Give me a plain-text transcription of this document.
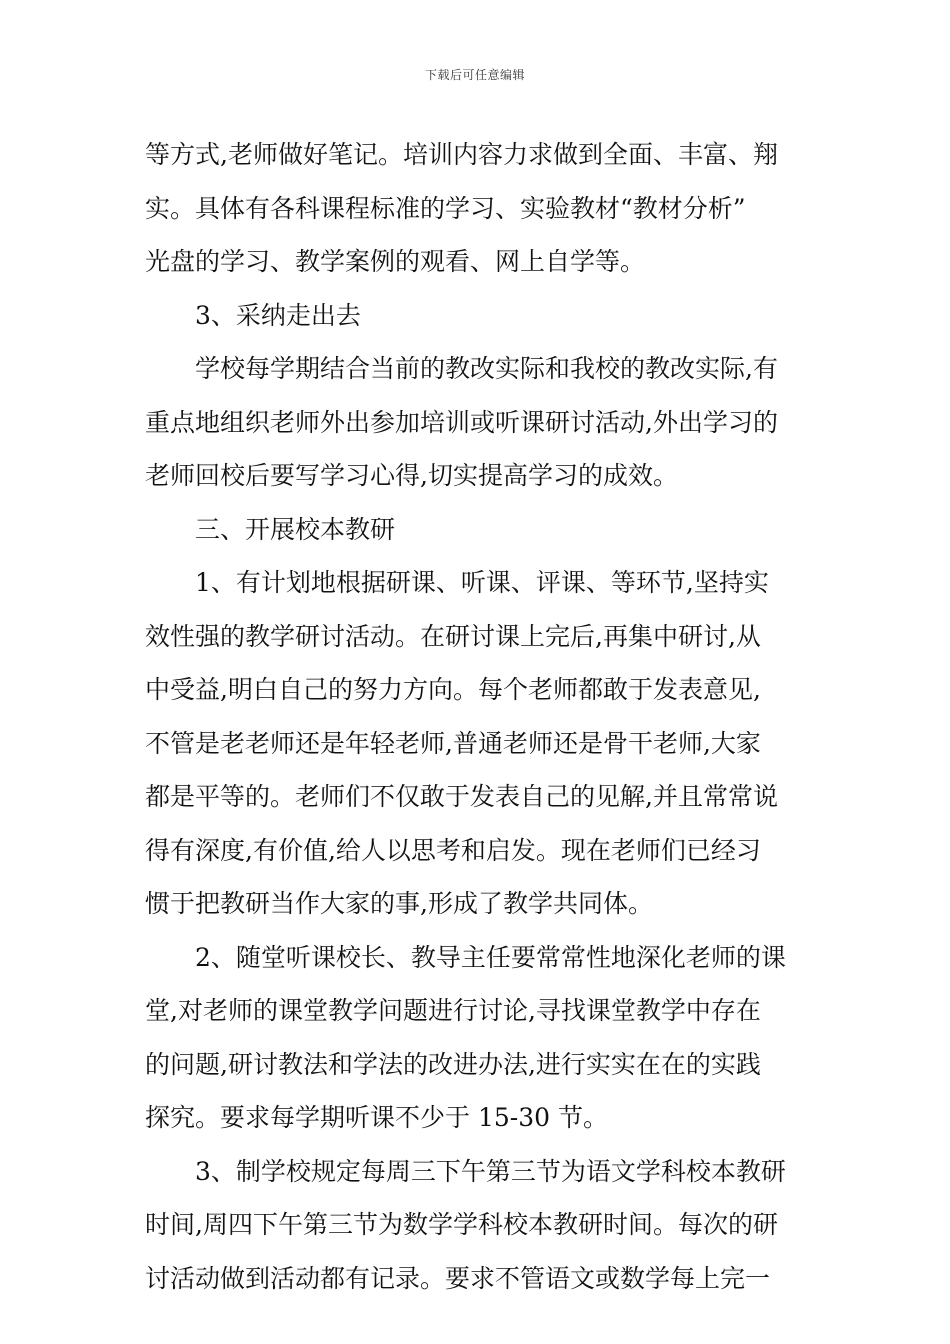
下载后可任意编辑
等方式,老师做好笔记。培训内容力求做到全面、丰富、翔
实。具体有各科课程标准的学习、实验教材“教材分析”
光盘的学习、教学案例的观看、网上自学等。
3、采纳走出去
学校每学期结合当前的教改实际和我校的教改实际,有
重点地组织老师外出参加培训或听课研讨活动,外出学习的
老师回校后要写学习心得,切实提高学习的成效。
三、开展校本教研
1、有计划地根据研课、听课、评课、等环节,坚持实
效性强的教学研讨活动。在研讨课上完后,再集中研讨,从
中受益,明白自己的努力方向。每个老师都敢于发表意见,
不管是老老师还是年轻老师,普通老师还是骨干老师,大家
都是平等的。老师们不仅敢于发表自己的见解,并且常常说
得有深度,有价值,给人以思考和启发。现在老师们已经习
惯于把教研当作大家的事,形成了教学共同体。
2、随堂听课校长、教导主任要常常性地深化老师的课
堂,对老师的课堂教学问题进行讨论,寻找课堂教学中存在
的问题,研讨教法和学法的改进办法,进行实实在在的实践
探究。要求每学期听课不少于 15-30 节。
3、制学校规定每周三下午第三节为语文学科校本教研
时间,周四下午第三节为数学学科校本教研时间。每次的研
讨活动做到活动都有记录。要求不管语文或数学每上完一
